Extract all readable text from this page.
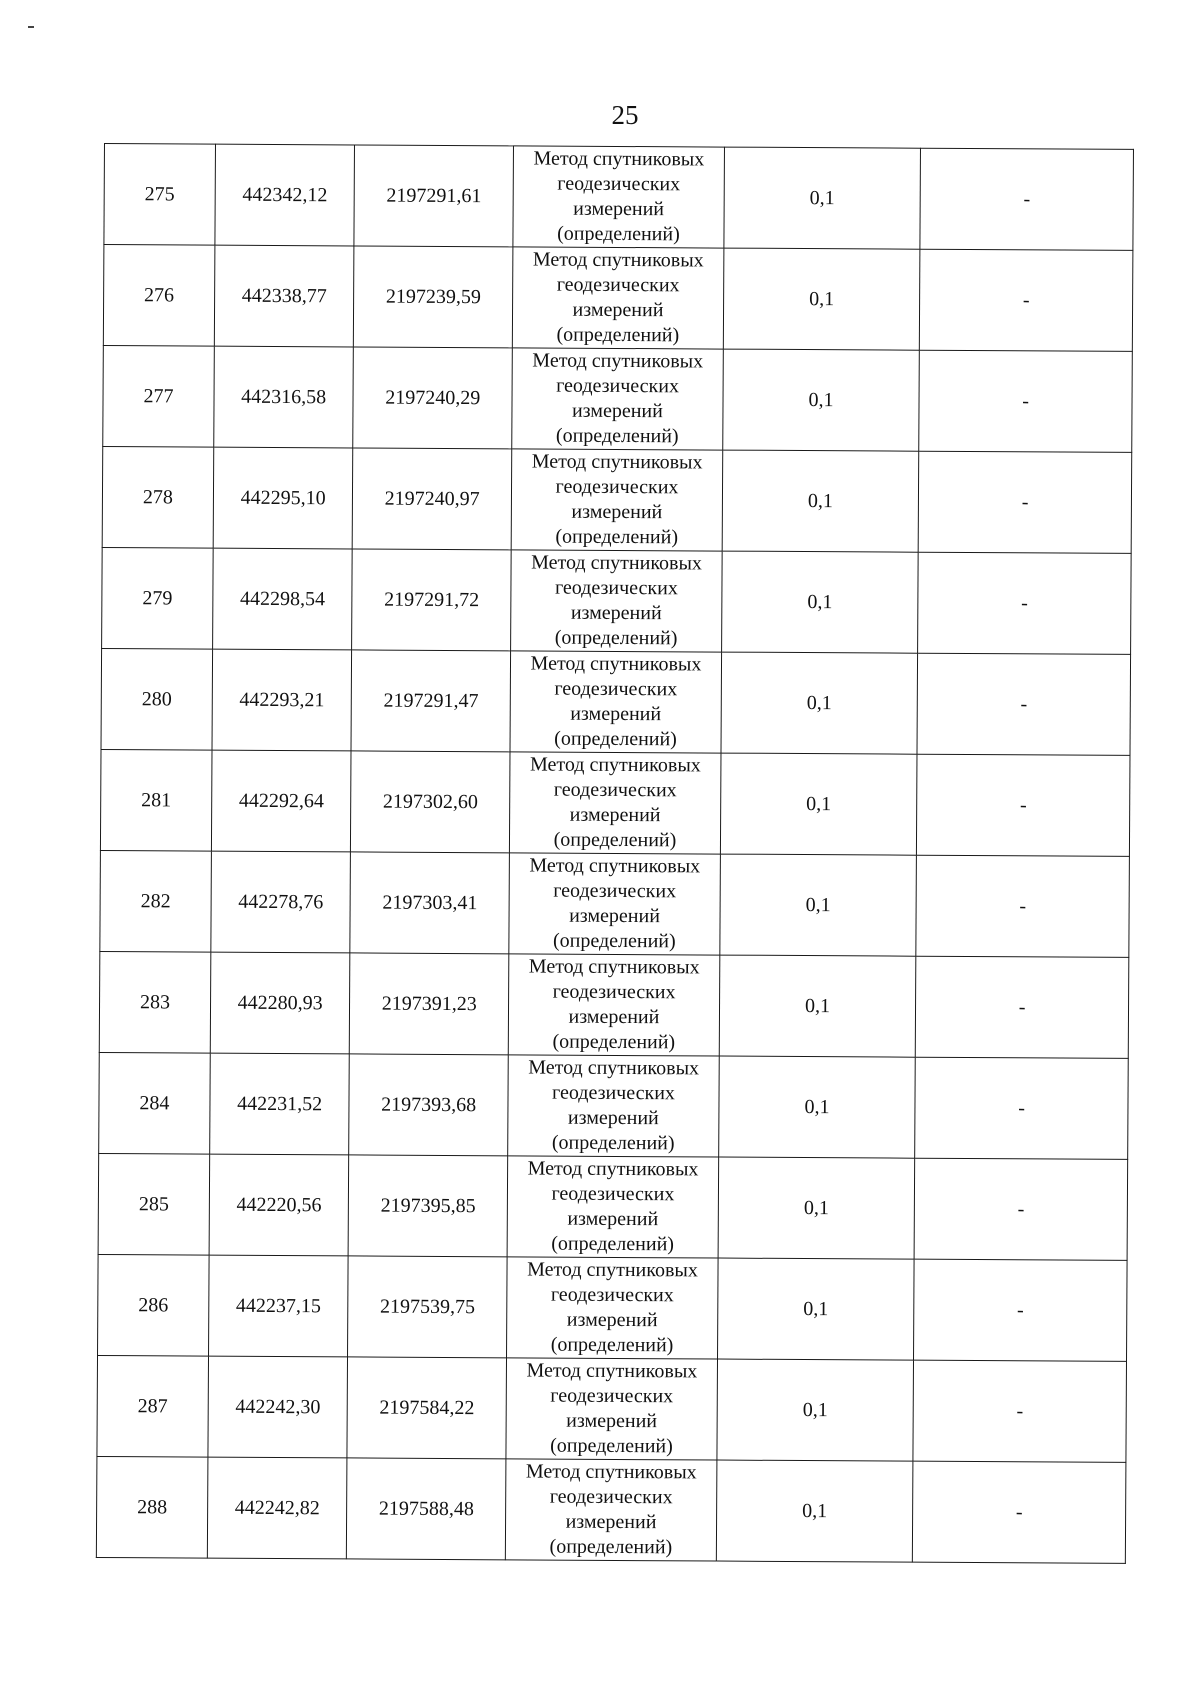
25
275	442342,12	2197291,61	Метод спутниковых
геодезических
измерений
(определений)	0,1	-
276	442338,77	2197239,59	Метод спутниковых
геодезических
измерений
(определений)	0,1	-
277	442316,58	2197240,29	Метод спутниковых
геодезических
измерений
(определений)	0,1	-
278	442295,10	2197240,97	Метод спутниковых
геодезических
измерений
(определений)	0,1	-
279	442298,54	2197291,72	Метод спутниковых
геодезических
измерений
(определений)	0,1	-
280	442293,21	2197291,47	Метод спутниковых
геодезических
измерений
(определений)	0,1	-
281	442292,64	2197302,60	Метод спутниковых
геодезических
измерений
(определений)	0,1	-
282	442278,76	2197303,41	Метод спутниковых
геодезических
измерений
(определений)	0,1	-
283	442280,93	2197391,23	Метод спутниковых
геодезических
измерений
(определений)	0,1	-
284	442231,52	2197393,68	Метод спутниковых
геодезических
измерений
(определений)	0,1	-
285	442220,56	2197395,85	Метод спутниковых
геодезических
измерений
(определений)	0,1	-
286	442237,15	2197539,75	Метод спутниковых
геодезических
измерений
(определений)	0,1	-
287	442242,30	2197584,22	Метод спутниковых
геодезических
измерений
(определений)	0,1	-
288	442242,82	2197588,48	Метод спутниковых
геодезических
измерений
(определений)	0,1	-
